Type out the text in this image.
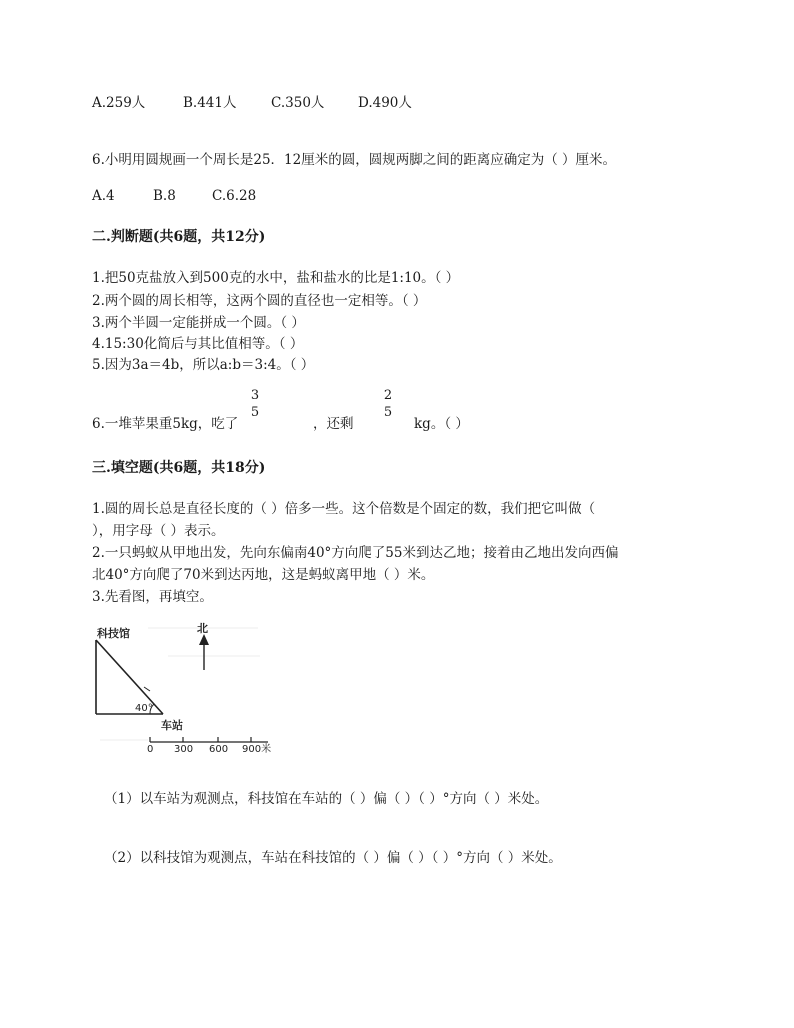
A.259人	B.441人	C.350人 D.490人
6.小明用圆规画一个周长是25．12厘米的圆，圆规两脚之间的距离应确定为（ ）厘米。
A.4	B.8	C.6.28
二.判断题(共6题，共12分)
1.把50克盐放入到500克的水中，盐和盐水的比是1:10。（ ）
2.两个圆的周长相等，这两个圆的直径也一定相等。（ ）
3.两个半圆一定能拼成一个圆。（ ）
4.15:30化简后与其比值相等。（ ）
5.因为3a＝4b，所以a:b＝3:4。（ ）
6.一堆苹果重5kg，吃了
3
5
，还剩
2
5
kg。（ ）
三.填空题(共6题，共18分)
1.圆的周长总是直径长度的（ ）倍多一些。这个倍数是个固定的数，我们把它叫做（
），用字母（ ）表示。
2.一只蚂蚁从甲地出发，先向东偏南40°方向爬了55米到达乙地；接着由乙地出发向西偏
北40°方向爬了70米到达丙地，这是蚂蚁离甲地（ ）米。
3.先看图，再填空。
科技馆	北
40°
车站
0 300 600 900米
（1）以车站为观测点，科技馆在车站的（ ）偏（ ）（ ）°方向（ ）米处。
（2）以科技馆为观测点，车站在科技馆的（ ）偏（ ）（ ）°方向（ ）米处。
